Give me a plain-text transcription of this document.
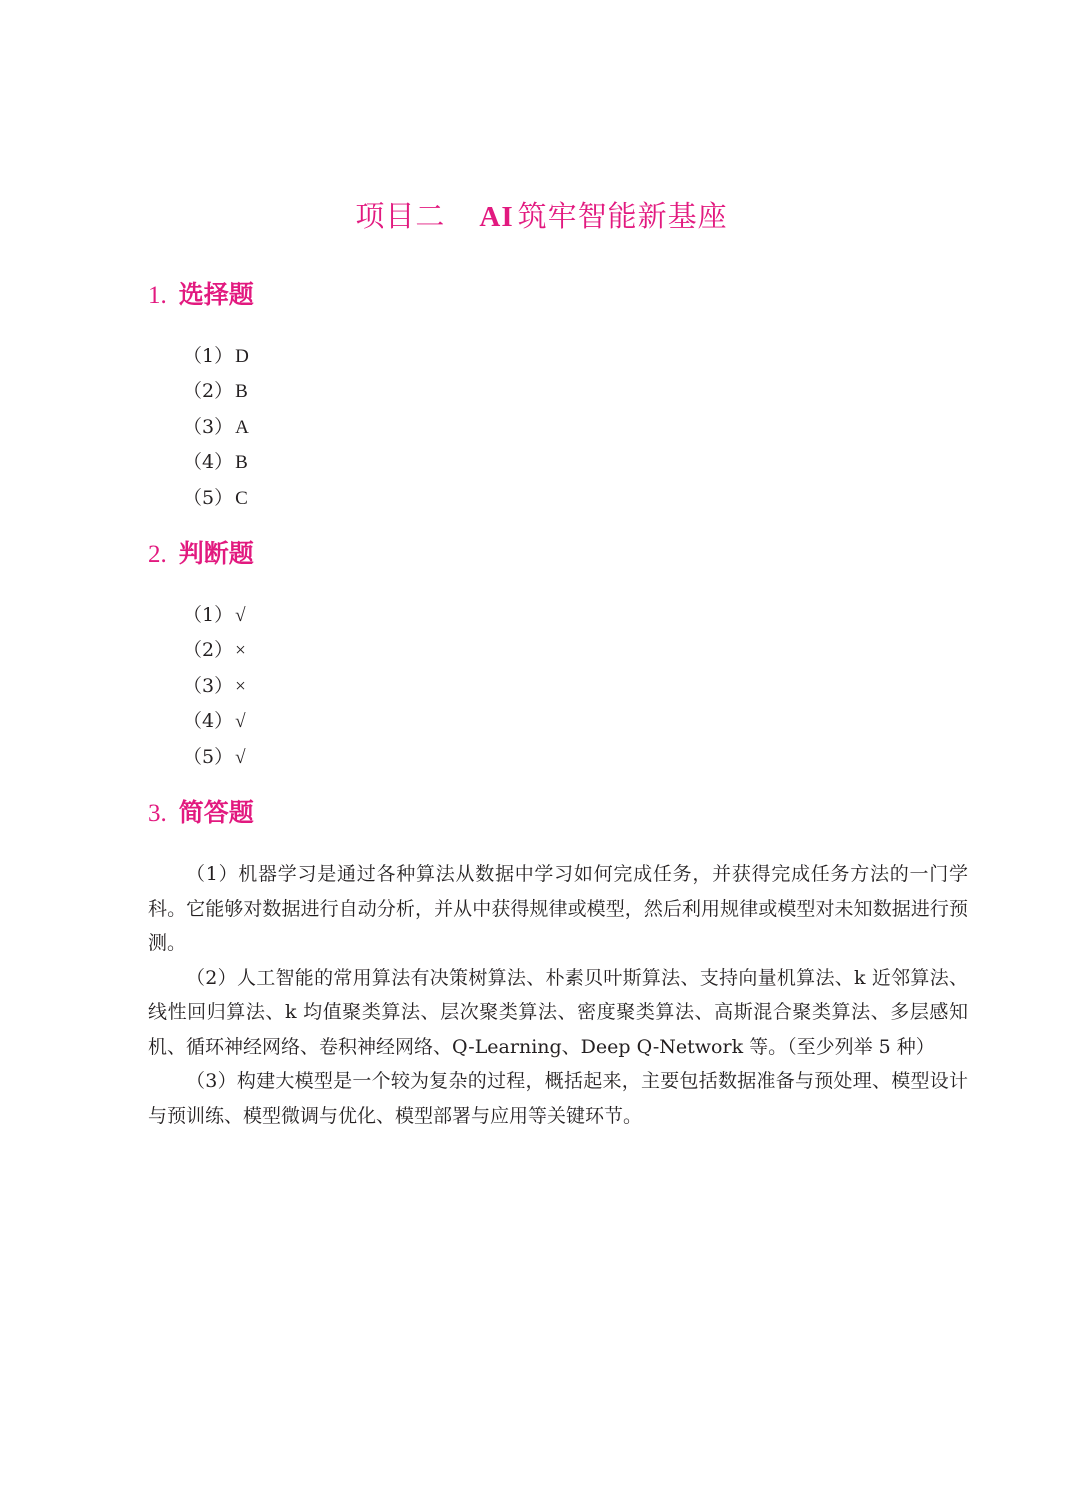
项目二 AI 筑牢智能新基座
1. 选择题
（1） D
（2） B
（3） A
（4） B
（5） C
2. 判断题
（1） √
（2） ×
（3） ×
（4） √
（5） √
3. 简答题

（1）机器学习是通过各种算法从数据中学习如何完成任务，并获得完成任务方法的一门学科。它能够对数据进行自动分析，并从中获得规律或模型，然后利用规律或模型对未知数据进行预测。

（2）人工智能的常用算法有决策树算法、朴素贝叶斯算法、支持向量机算法、k 近邻算法、线性回归算法、k 均值聚类算法、层次聚类算法、密度聚类算法、高斯混合聚类算法、多层感知机、循环神经网络、卷积神经网络、Q-Learning、Deep Q-Network 等。（至少列举 5 种）

（3）构建大模型是一个较为复杂的过程，概括起来，主要包括数据准备与预处理、模型设计与预训练、模型微调与优化、模型部署与应用等关键环节。
